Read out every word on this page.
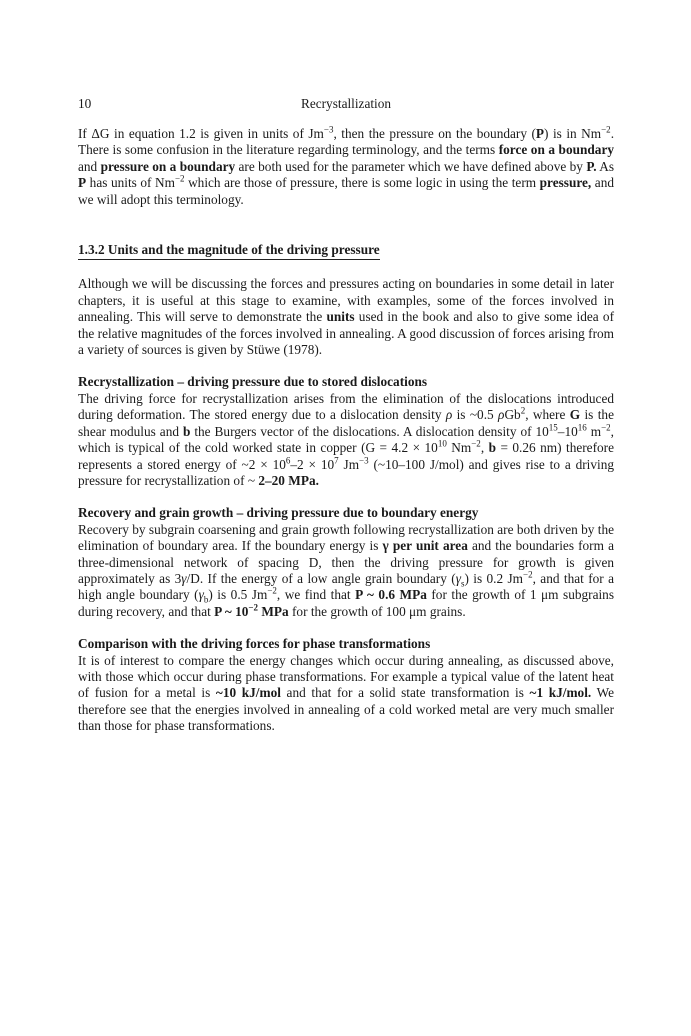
10	Recrystallization

If ΔG in equation 1.2 is given in units of $Jm^{-3}$, then the pressure on the boundary (P) is in $Nm^{-2}$. There is some confusion in the literature regarding terminology, and the terms force on a boundary and pressure on a boundary are both used for the parameter which we have defined above by P. As P has units of $Nm^{-2}$ which are those of pressure, there is some logic in using the term pressure, and we will adopt this terminology.

1.3.2 Units and the magnitude of the driving pressure

Although we will be discussing the forces and pressures acting on boundaries in some detail in later chapters, it is useful at this stage to examine, with examples, some of the forces involved in annealing. This will serve to demonstrate the units used in the book and also to give some idea of the relative magnitudes of the forces involved in annealing. A good discussion of forces arising from a variety of sources is given by Stüwe (1978).

Recrystallization – driving pressure due to stored dislocations

The driving force for recrystallization arises from the elimination of the dislocations introduced during deformation. The stored energy due to a dislocation density ρ is ~0.5 ρGb$^2$, where G is the shear modulus and b the Burgers vector of the dislocations. A dislocation density of $10^{15}-10^{16}$ $m^{-2}$, which is typical of the cold worked state in copper ($G = 4.2 \times 10^{10}$ $Nm^{-2}$, b = 0.26 nm) therefore represents a stored energy of ~2 × $10^6-2 \times 10^7$ $Jm^{-3}$ (~10–100 J/mol) and gives rise to a driving pressure for recrystallization of ~ 2–20 MPa.

Recovery and grain growth – driving pressure due to boundary energy

Recovery by subgrain coarsening and grain growth following recrystallization are both driven by the elimination of boundary area. If the boundary energy is γ per unit area and the boundaries form a three-dimensional network of spacing D, then the driving pressure for growth is given approximately as 3γ/D. If the energy of a low angle grain boundary $(\gamma_s)$ is 0.2 $Jm^{-2}$, and that for a high angle boundary $(\gamma_b)$ is 0.5 $Jm^{-2}$, we find that P ~ 0.6 MPa for the growth of 1 μm subgrains during recovery, and that P ~ $10^{-2}$ MPa for the growth of 100 μm grains.

Comparison with the driving forces for phase transformations

It is of interest to compare the energy changes which occur during annealing, as discussed above, with those which occur during phase transformations. For example a typical value of the latent heat of fusion for a metal is ~10 kJ/mol and that for a solid state transformation is ~1 kJ/mol. We therefore see that the energies involved in annealing of a cold worked metal are very much smaller than those for phase transformations.
